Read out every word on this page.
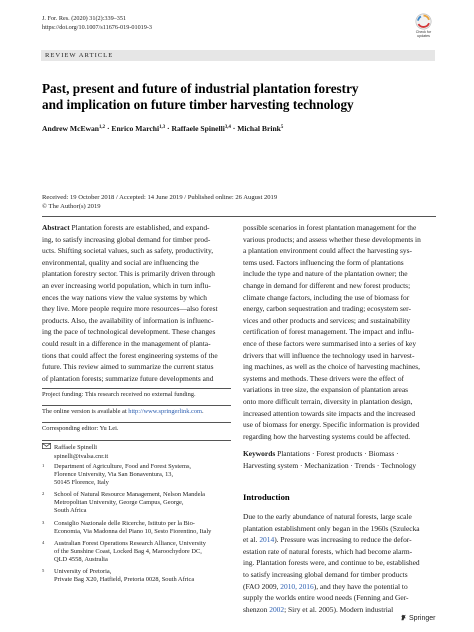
J. For. Res. (2020) 31(2):339–351
https://doi.org/10.1007/s11676-019-01019-3
Check for
updates
REVIEW ARTICLE
Past, present and future of industrial plantation forestry
and implication on future timber harvesting technology
Andrew McEwan$^{1,2}$ · Enrico Marchi$^{1,3}$ · Raffaele Spinelli$^{3,4}$ · Michal Brink$^5$
Received: 19 October 2018 / Accepted: 14 June 2019 / Published online: 26 August 2019
© The Author(s) 2019
Abstract Plantation forests are established, and expand-
ing, to satisfy increasing global demand for timber prod-
ucts. Shifting societal values, such as safety, productivity,
environmental, quality and social are influencing the
plantation forestry sector. This is primarily driven through
an ever increasing world population, which in turn influ-
ences the way nations view the value systems by which
they live. More people require more resources—also forest
products. Also, the availability of information is influenc-
ing the pace of technological development. These changes
could result in a difference in the management of planta-
tions that could affect the forest engineering systems of the
future. This review aimed to summarize the current status
of plantation forests; summarize future developments and
Project funding: This research received no external funding.
The online version is available at http://www.springerlink.com.
Corresponding editor: Yu Lei.
Raffaele Spinelli
spinelli@ivalsa.cnr.it
1 Department of Agriculture, Food and Forest Systems,
Florence University, Via San Bonaventura, 13,
50145 Florence, Italy
2 School of Natural Resource Management, Nelson Mandela
Metropolitan University, George Campus, George,
South Africa
3 Consiglio Nazionale delle Ricerche, Istituto per la Bio-
Economia, Via Madonna del Piano 10, Sesto Fiorentino, Italy
4 Australian Forest Operations Research Alliance, University
of the Sunshine Coast, Locked Bag 4, Maroochydore DC,
QLD 4558, Australia
5 University of Pretoria,
Private Bag X20, Hatfield, Pretoria 0028, South Africa
possible scenarios in forest plantation management for the
various products; and assess whether these developments in
a plantation environment could affect the harvesting sys-
tems used. Factors influencing the form of plantations
include the type and nature of the plantation owner; the
change in demand for different and new forest products;
climate change factors, including the use of biomass for
energy, carbon sequestration and trading; ecosystem ser-
vices and other products and services; and sustainability
certification of forest management. The impact and influ-
ence of these factors were summarised into a series of key
drivers that will influence the technology used in harvest-
ing machines, as well as the choice of harvesting machines,
systems and methods. These drivers were the effect of
variations in tree size, the expansion of plantation areas
onto more difficult terrain, diversity in plantation design,
increased attention towards site impacts and the increased
use of biomass for energy. Specific information is provided
regarding how the harvesting systems could be affected.
Keywords Plantations · Forest products · Biomass ·
Harvesting system · Mechanization · Trends · Technology
Introduction
Due to the early abundance of natural forests, large scale
plantation establishment only began in the 1960s (Szulecka
et al. 2014). Pressure was increasing to reduce the defor-
estation rate of natural forests, which had become alarm-
ing. Plantation forests were, and continue to be, established
to satisfy increasing global demand for timber products
(FAO 2009, 2010, 2016), and they have the potential to
supply the worlds entire wood needs (Fenning and Ger-
shenzon 2002; Siry et al. 2005). Modern industrial
Springer
